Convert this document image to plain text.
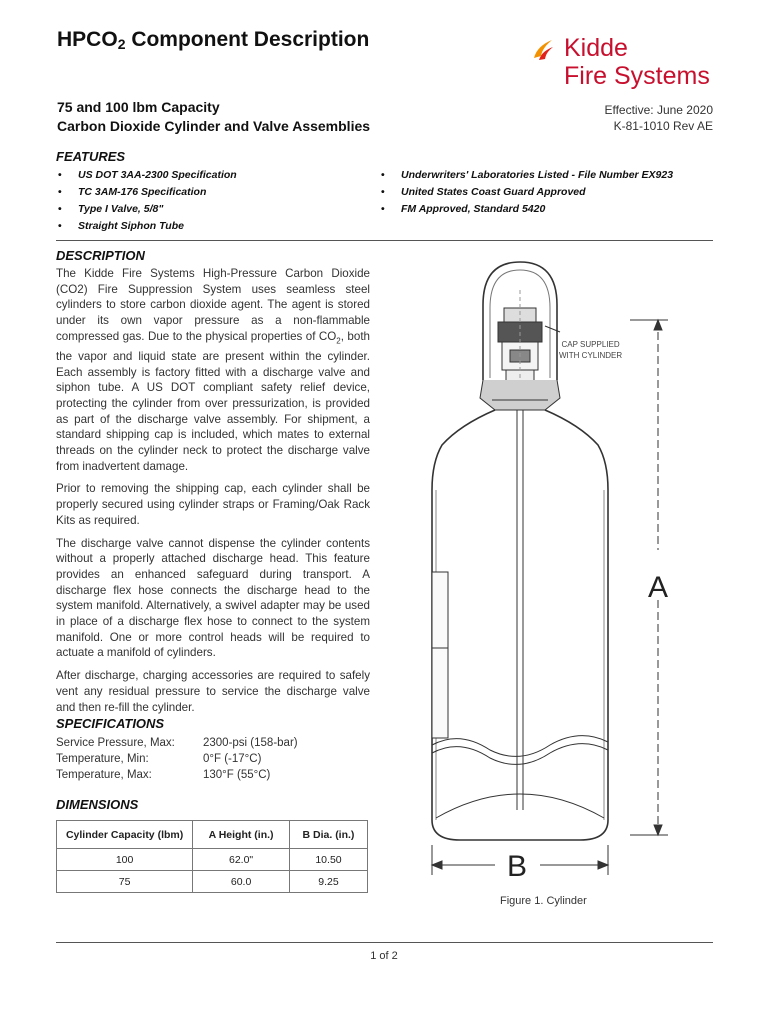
$HPCO_2$ Component Description	Kidde
Fire Systems
75 and 100 lbm Capacity
Carbon Dioxide Cylinder and Valve Assemblies
Effective: June 2020
K-81-1010 Rev AE
FEATURES
• US DOT 3AA-2300 Specification
• TC 3AM-176 Specification
• Type I Valve, 5/8"
• Straight Siphon Tube
• Underwriters' Laboratories Listed - File Number EX923
• United States Coast Guard Approved
• FM Approved, Standard 5420
DESCRIPTION

The Kidde Fire Systems High-Pressure Carbon Dioxide (CO2) Fire Suppression System uses seamless steel cylinders to store carbon dioxide agent. The agent is stored under its own vapor pressure as a non-flammable compressed gas. Due to the physical properties of $CO_2$, both the vapor and liquid state are present within the cylinder. Each assembly is factory fitted with a discharge valve and siphon tube. A US DOT compliant safety relief device, protecting the cylinder from over pressurization, is provided as part of the discharge valve assembly. For shipment, a standard shipping cap is included, which mates to external threads on the cylinder neck to protect the discharge valve from inadvertent damage.

Prior to removing the shipping cap, each cylinder shall be properly secured using cylinder straps or Framing/Oak Rack Kits as required.

The discharge valve cannot dispense the cylinder contents without a properly attached discharge head. This feature provides an enhanced safeguard during transport. A discharge flex hose connects the discharge head to the system manifold. Alternatively, a swivel adapter may be used in place of a discharge flex hose to connect to the system manifold. One or more control heads will be required to actuate a manifold of cylinders.

After discharge, charging accessories are required to safely vent any residual pressure to service the discharge valve and then re-fill the cylinder.

SPECIFICATIONS
Service Pressure, Max: 2300-psi (158-bar)
Temperature, Min:	0°F (-17°C)
Temperature, Max:	130°F (55°C)
DIMENSIONS
Cylinder Capacity (lbm)	A Height (in.)	B Dia. (in.)
100	62.0"	10.50
75	60.0	9.25
CAP SUPPLIED
WITH CYLINDER
A
B
Figure 1. Cylinder
1 of 2
